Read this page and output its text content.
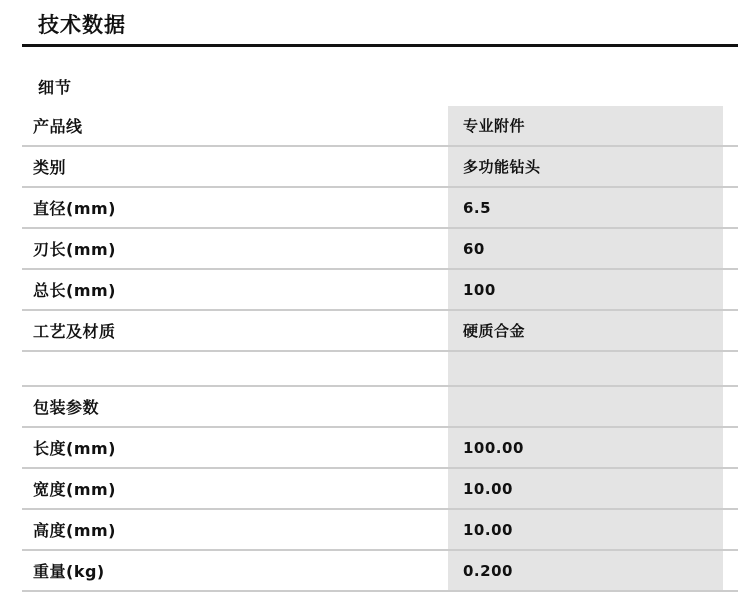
技术数据
细节
产品线	专业附件
类别	多功能钻头
直径(mm)	6.5
刃长(mm)	60
总长(mm)	100
工艺及材质	硬质合金
包装参数
长度(mm)	100.00
宽度(mm)	10.00
高度(mm)	10.00
重量(kg)	0.200
